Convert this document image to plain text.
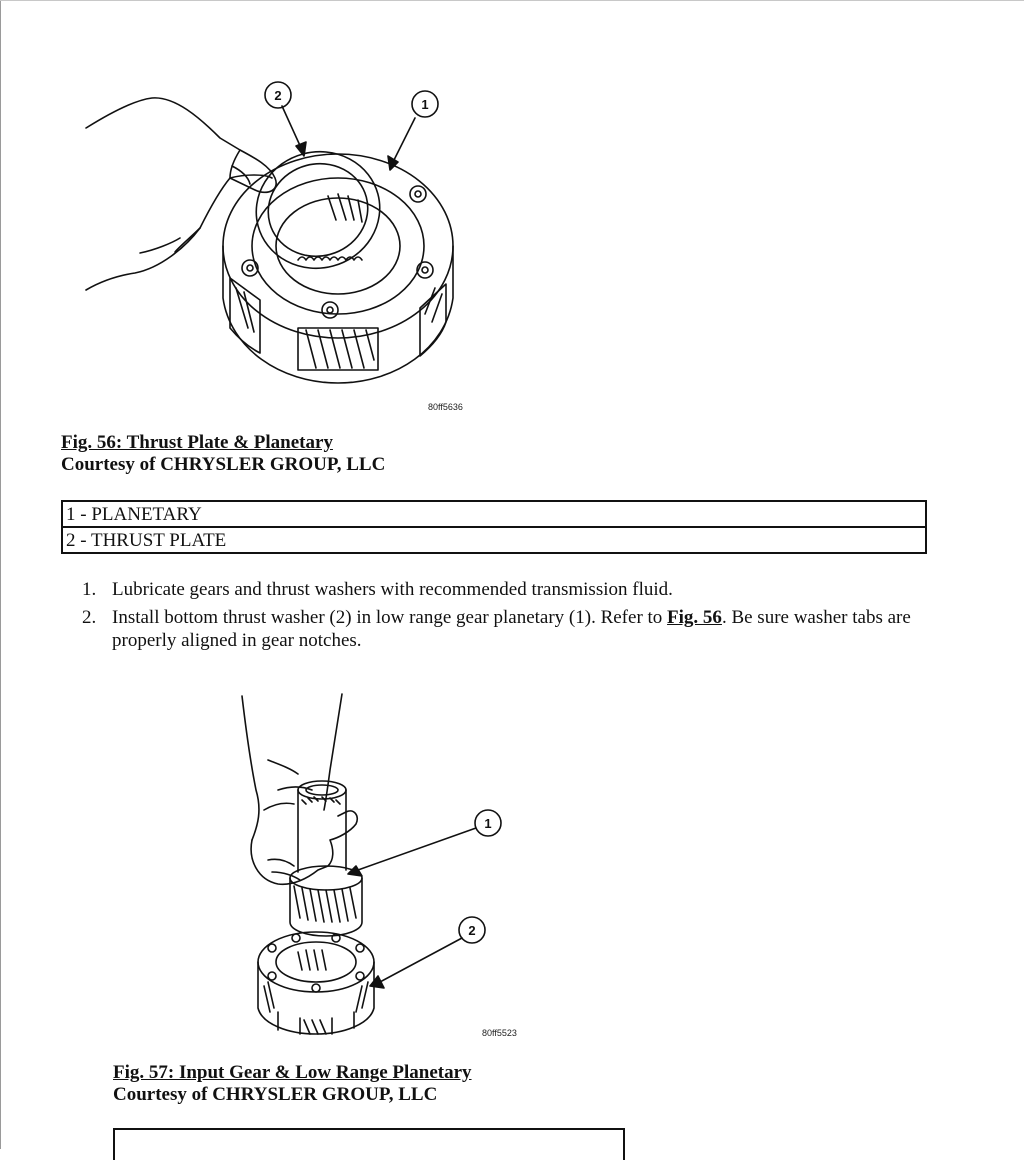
2
1
80ff5636
Fig. 56: Thrust Plate & Planetary
Courtesy of CHRYSLER GROUP, LLC
1 - PLANETARY
2 - THRUST PLATE
1. Lubricate gears and thrust washers with recommended transmission fluid.
2. Install bottom thrust washer (2) in low range gear planetary (1). Refer to Fig. 56. Be sure washer tabs are properly aligned in gear notches.
1
2
80ff5523
Fig. 57: Input Gear & Low Range Planetary
Courtesy of CHRYSLER GROUP, LLC
